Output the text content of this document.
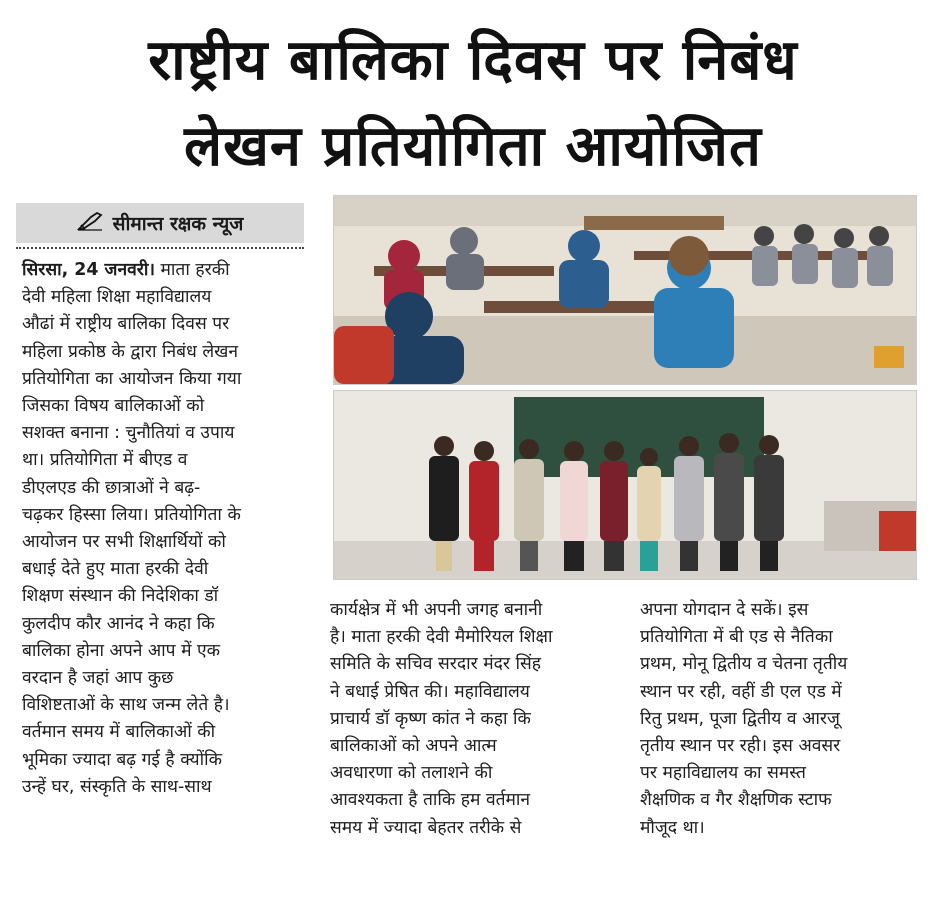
राष्ट्रीय बालिका दिवस पर निबंध
लेखन प्रतियोगिता आयोजित
सीमान्त रक्षक न्यूज

सिरसा, 24 जनवरी। माता हरकी

देवी महिला शिक्षा महाविद्यालय

औढां में राष्ट्रीय बालिका दिवस पर

महिला प्रकोष्ठ के द्वारा निबंध लेखन

प्रतियोगिता का आयोजन किया गया

जिसका विषय बालिकाओं को

सशक्त बनाना : चुनौतियां व उपाय

था। प्रतियोगिता में बीएड व

डीएलएड की छात्राओं ने बढ़-

चढ़कर हिस्सा लिया। प्रतियोगिता के

आयोजन पर सभी शिक्षार्थियों को

बधाई देते हुए माता हरकी देवी

शिक्षण संस्थान की निदेशिका डॉ

कुलदीप कौर आनंद ने कहा कि

बालिका होना अपने आप में एक

वरदान है जहां आप कुछ

विशिष्टताओं के साथ जन्म लेते है।

वर्तमान समय में बालिकाओं की

भूमिका ज्यादा बढ़ गई है क्योंकि

उन्हें घर, संस्कृति के साथ-साथ

कार्यक्षेत्र में भी अपनी जगह बनानी

है। माता हरकी देवी मैमोरियल शिक्षा

समिति के सचिव सरदार मंदर सिंह

ने बधाई प्रेषित की। महाविद्यालय

प्राचार्य डॉ कृष्ण कांत ने कहा कि

बालिकाओं को अपने आत्म

अवधारणा को तलाशने की

आवश्यकता है ताकि हम वर्तमान

समय में ज्यादा बेहतर तरीके से

अपना योगदान दे सकें। इस

प्रतियोगिता में बी एड से नैतिका

प्रथम, मोनू द्वितीय व चेतना तृतीय

स्थान पर रही, वहीं डी एल एड में

रितु प्रथम, पूजा द्वितीय व आरजू

तृतीय स्थान पर रही। इस अवसर

पर महाविद्यालय का समस्त

शैक्षणिक व गैर शैक्षणिक स्टाफ

मौजूद था।
